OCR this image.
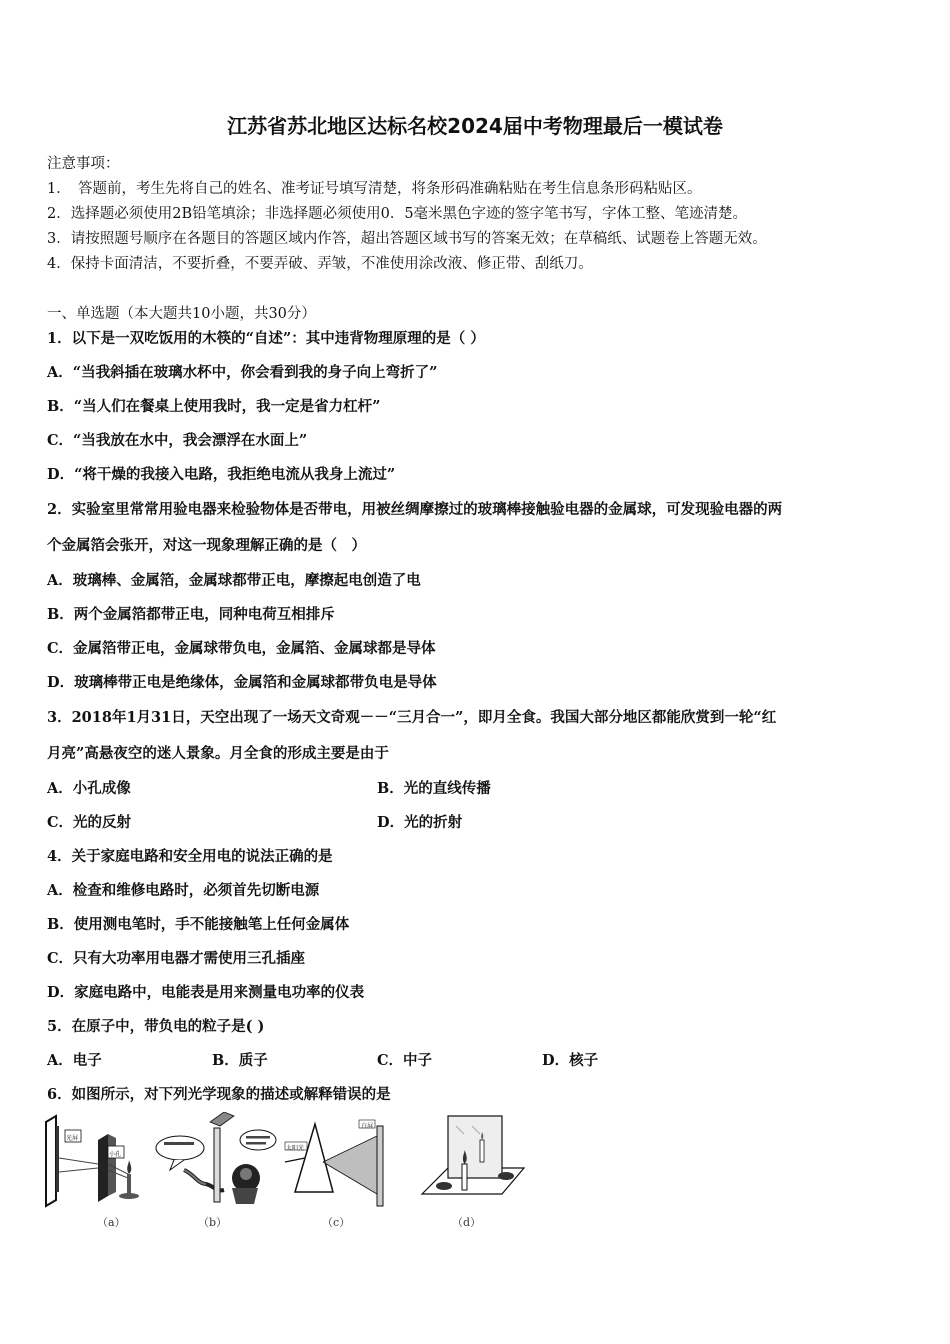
江苏省苏北地区达标名校2024届中考物理最后一模试卷
注意事项：
1．　答题前，考生先将自己的姓名、准考证号填写清楚，将条形码准确粘贴在考生信息条形码粘贴区。
2．选择题必须使用2B铅笔填涂；非选择题必须使用0．5毫米黑色字迹的签字笔书写，字体工整、笔迹清楚。
3．请按照题号顺序在各题目的答题区域内作答，超出答题区域书写的答案无效；在草稿纸、试题卷上答题无效。
4．保持卡面清洁，不要折叠，不要弄破、弄皱，不准使用涂改液、修正带、刮纸刀。
一、单选题（本大题共10小题，共30分）
1．以下是一双吃饭用的木筷的“自述”：其中违背物理原理的是（ ）
A．“当我斜插在玻璃水杯中，你会看到我的身子向上弯折了”
B．“当人们在餐桌上使用我时，我一定是省力杠杆”
C．“当我放在水中，我会漂浮在水面上”
D．“将干燥的我接入电路，我拒绝电流从我身上流过”
2．实验室里常常用验电器来检验物体是否带电，用被丝绸摩擦过的玻璃棒接触验电器的金属球，可发现验电器的两
个金属箔会张开，对这一现象理解正确的是（　）
A．玻璃棒、金属箔，金属球都带正电，摩擦起电创造了电
B．两个金属箔都带正电，同种电荷互相排斥
C．金属箔带正电，金属球带负电，金属箔、金属球都是导体
D．玻璃棒带正电是绝缘体，金属箔和金属球都带负电是导体
3．2018年1月31日，天空出现了一场天文奇观－－“三月合一”，即月全食。我国大部分地区都能欣赏到一轮“红
月亮”高悬夜空的迷人景象。月全食的形成主要是由于
A．小孔成像	B．光的直线传播
C．光的反射	D．光的折射
4．关于家庭电路和安全用电的说法正确的是
A．检查和维修电路时，必须首先切断电源
B．使用测电笔时，手不能接触笔上任何金属体
C．只有大功率用电器才需使用三孔插座
D．家庭电路中，电能表是用来测量电功率的仪表
5．在原子中，带负电的粒子是( )
A．电子	B．质子	C．中子	D．核子
6．如图所示，对下列光学现象的描述或解释错误的是
光屏
小孔
太阳光
白屏
（a）	（b）	（c）	（d）
